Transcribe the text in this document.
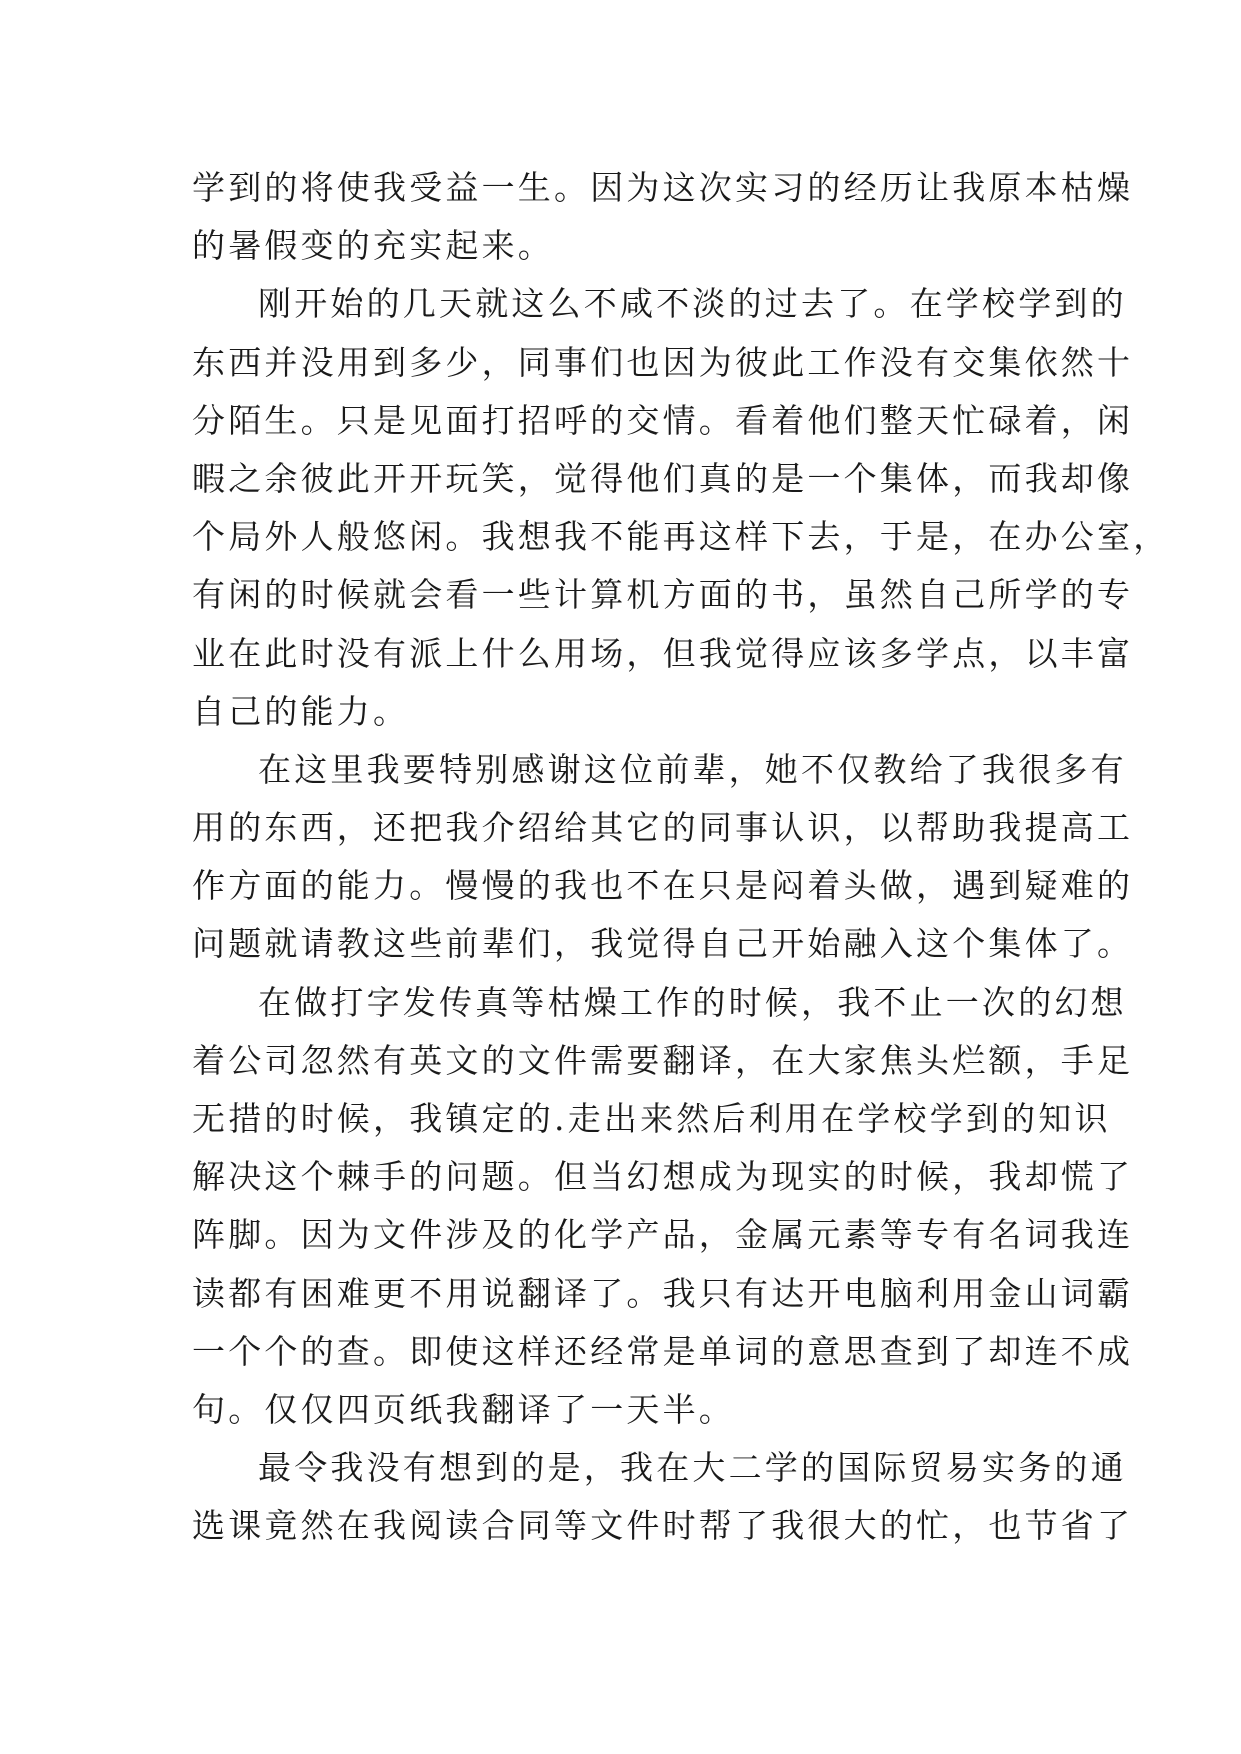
学到的将使我受益一生。因为这次实习的经历让我原本枯燥
的暑假变的充实起来。
刚开始的几天就这么不咸不淡的过去了。在学校学到的
东西并没用到多少，同事们也因为彼此工作没有交集依然十
分陌生。只是见面打招呼的交情。看着他们整天忙碌着，闲
暇之余彼此开开玩笑，觉得他们真的是一个集体，而我却像
个局外人般悠闲。我想我不能再这样下去，于是，在办公室，
有闲的时候就会看一些计算机方面的书，虽然自己所学的专
业在此时没有派上什么用场，但我觉得应该多学点，以丰富
自己的能力。
在这里我要特别感谢这位前辈，她不仅教给了我很多有
用的东西，还把我介绍给其它的同事认识，以帮助我提高工
作方面的能力。慢慢的我也不在只是闷着头做，遇到疑难的
问题就请教这些前辈们，我觉得自己开始融入这个集体了。
在做打字发传真等枯燥工作的时候，我不止一次的幻想
着公司忽然有英文的文件需要翻译，在大家焦头烂额，手足
无措的时候，我镇定的.走出来然后利用在学校学到的知识
解决这个棘手的问题。但当幻想成为现实的时候，我却慌了
阵脚。因为文件涉及的化学产品，金属元素等专有名词我连
读都有困难更不用说翻译了。我只有达开电脑利用金山词霸
一个个的查。即使这样还经常是单词的意思查到了却连不成
句。仅仅四页纸我翻译了一天半。
最令我没有想到的是，我在大二学的国际贸易实务的通
选课竟然在我阅读合同等文件时帮了我很大的忙，也节省了
